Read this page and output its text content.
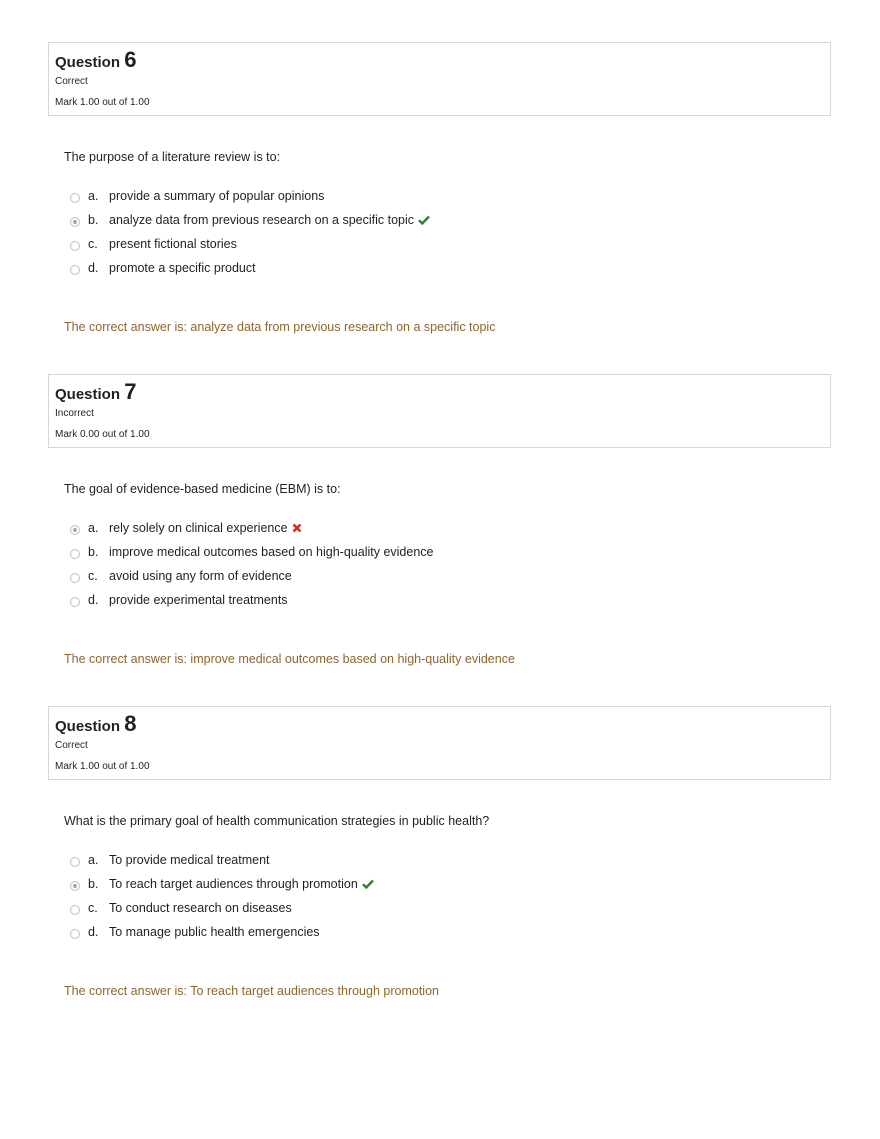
Question 6
Correct
Mark 1.00 out of 1.00
The purpose of a literature review is to:
a. provide a summary of popular opinions
b. analyze data from previous research on a specific topic
c. present fictional stories
d. promote a specific product
The correct answer is: analyze data from previous research on a specific topic
Question 7
Incorrect
Mark 0.00 out of 1.00
The goal of evidence-based medicine (EBM) is to:
a. rely solely on clinical experience
b. improve medical outcomes based on high-quality evidence
c. avoid using any form of evidence
d. provide experimental treatments
The correct answer is: improve medical outcomes based on high-quality evidence
Question 8
Correct
Mark 1.00 out of 1.00
What is the primary goal of health communication strategies in public health?
a. To provide medical treatment
b. To reach target audiences through promotion
c. To conduct research on diseases
d. To manage public health emergencies
The correct answer is: To reach target audiences through promotion
